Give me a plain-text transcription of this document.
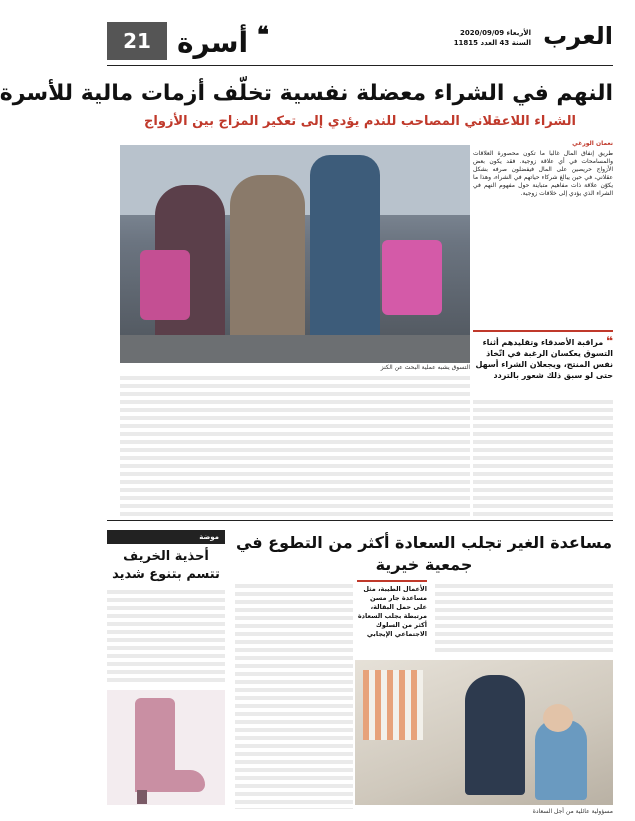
العرب
الأربعاء 2020/09/09
السنة 43 العدد 11815
❝
أسرة
21
النهم في الشراء معضلة نفسية تخلّف أزمات مالية للأسرة
الشراء اللاعقلاني المصاحب للندم يؤدي إلى تعكير المزاج بين الأزواج
نعمان الورغي
طريق إنفاق المال غالبا ما تكون محصورة العلاقات والمسامحات في أي علاقة زوجية. فقد يكون بعض الأزواج حريصين على المال فيفضلون صرفه بشكل عقلاني، في حين يبالغ شركاء حياتهم في الشراء، وهذا ما يكوّن علاقة ذات مفاهيم متباينة حول مفهوم النهم في الشراء الذي يؤدي إلى خلافات زوجية.
التسوق يشبه عملية البحث عن الكنز
❝ مراقبة الأصدقاء وتقليدهم أثناء التسوق يعكسان الرغبة في اتّخاذ نفس المنتج، ويجعلان الشراء أسهل حتى لو سبق ذلك شعور بالتردد
موضة
أحذية الخريف تتسم بتنوع شديد
مساعدة الغير تجلب السعادة أكثر من التطوع في جمعية خيرية
الأعمال الطيبة، مثل مساعدة جار مسن على حمل البقالة، مرتبطة بجلب السعادة أكثر من السلوك الاجتماعي الإيجابي
مسؤولية عائلية من أجل السعادة
